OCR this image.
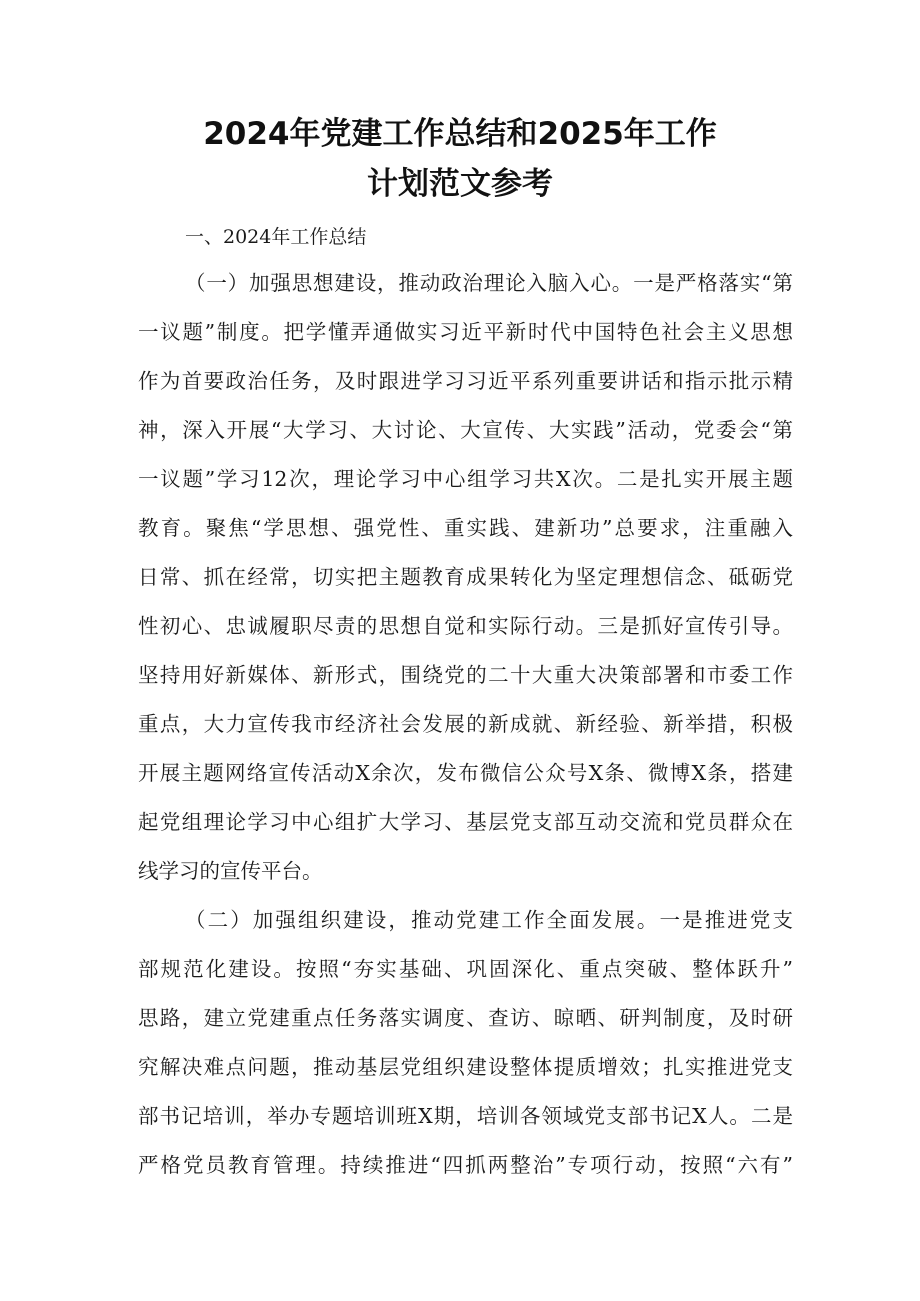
2024年党建工作总结和2025年工作
计划范文参考
一、2024年工作总结
（一）加强思想建设，推动政治理论入脑入心。一是严格落实“第
一议题”制度。把学懂弄通做实习近平新时代中国特色社会主义思想
作为首要政治任务，及时跟进学习习近平系列重要讲话和指示批示精
神，深入开展“大学习、大讨论、大宣传、大实践”活动，党委会“第
一议题”学习12次，理论学习中心组学习共X次。二是扎实开展主题
教育。聚焦“学思想、强党性、重实践、建新功”总要求，注重融入
日常、抓在经常，切实把主题教育成果转化为坚定理想信念、砥砺党
性初心、忠诚履职尽责的思想自觉和实际行动。三是抓好宣传引导。
坚持用好新媒体、新形式，围绕党的二十大重大决策部署和市委工作
重点，大力宣传我市经济社会发展的新成就、新经验、新举措，积极
开展主题网络宣传活动X余次，发布微信公众号X条、微博X条，搭建
起党组理论学习中心组扩大学习、基层党支部互动交流和党员群众在
线学习的宣传平台。
（二）加强组织建设，推动党建工作全面发展。一是推进党支
部规范化建设。按照“夯实基础、巩固深化、重点突破、整体跃升”
思路，建立党建重点任务落实调度、查访、晾晒、研判制度，及时研
究解决难点问题，推动基层党组织建设整体提质增效；扎实推进党支
部书记培训，举办专题培训班X期，培训各领域党支部书记X人。二是
严格党员教育管理。持续推进“四抓两整治”专项行动，按照“六有”
